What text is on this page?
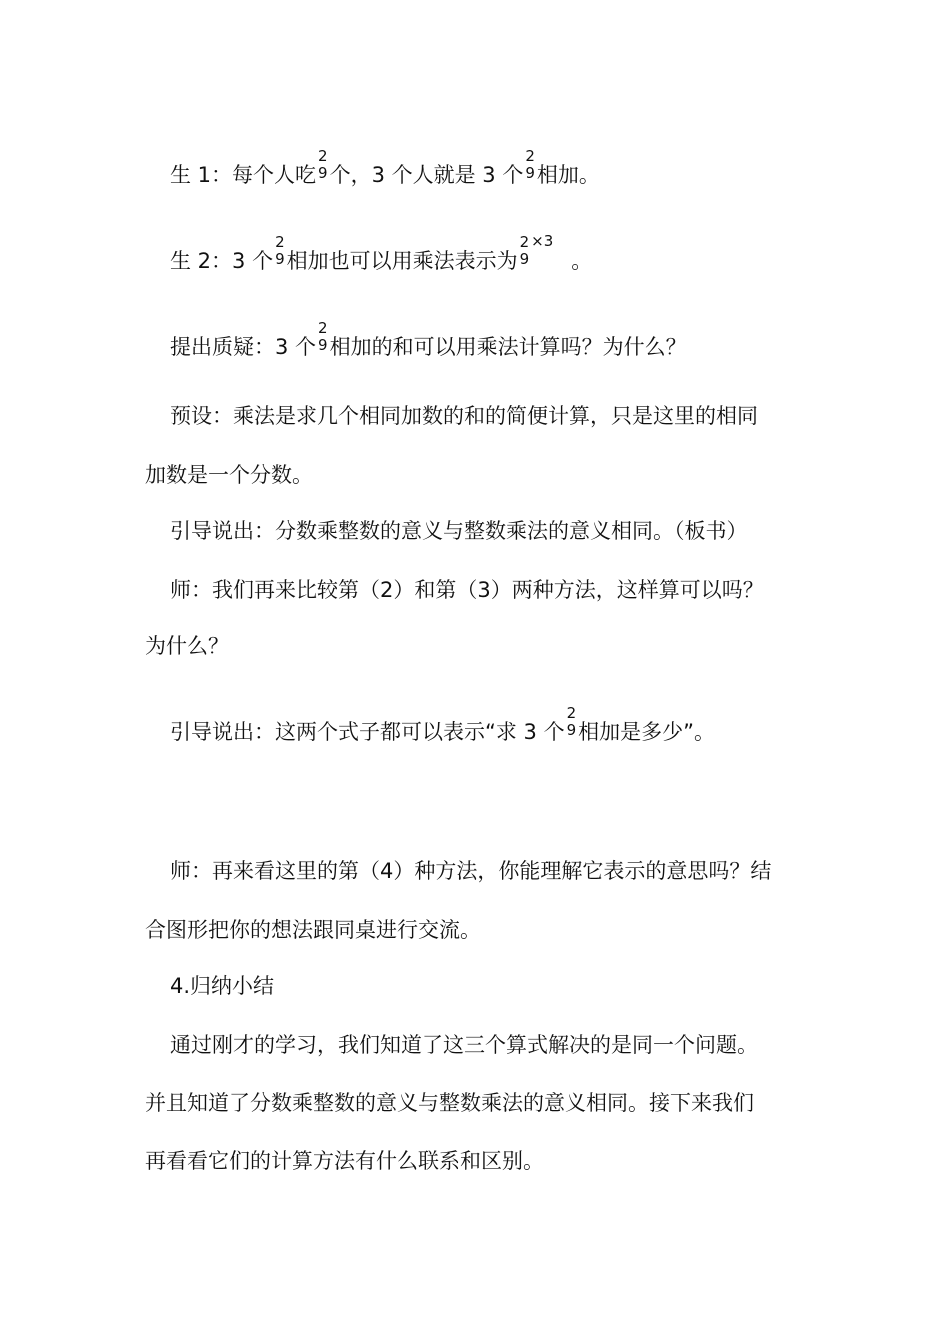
生 1：每个人吃
2
9 个，3 个人就是 3 个
2
9 相加。
生 2：3 个
2
9 相加也可以用乘法表示为
2
9
$^{\times 3}$。
提出质疑：3 个
2
9 相加的和可以用乘法计算吗？为什么？
预设：乘法是求几个相同加数的和的简便计算，只是这里的相同
加数是一个分数。
引导说出：分数乘整数的意义与整数乘法的意义相同。（板书）
师：我们再来比较第（2）和第（3）两种方法，这样算可以吗？
为什么？
引导说出：这两个式子都可以表示“求 3 个
2
9 相加是多少”。
师：再来看这里的第（4）种方法，你能理解它表示的意思吗？结
合图形把你的想法跟同桌进行交流。
4.归纳小结
通过刚才的学习，我们知道了这三个算式解决的是同一个问题。
并且知道了分数乘整数的意义与整数乘法的意义相同。接下来我们
再看看它们的计算方法有什么联系和区别。
